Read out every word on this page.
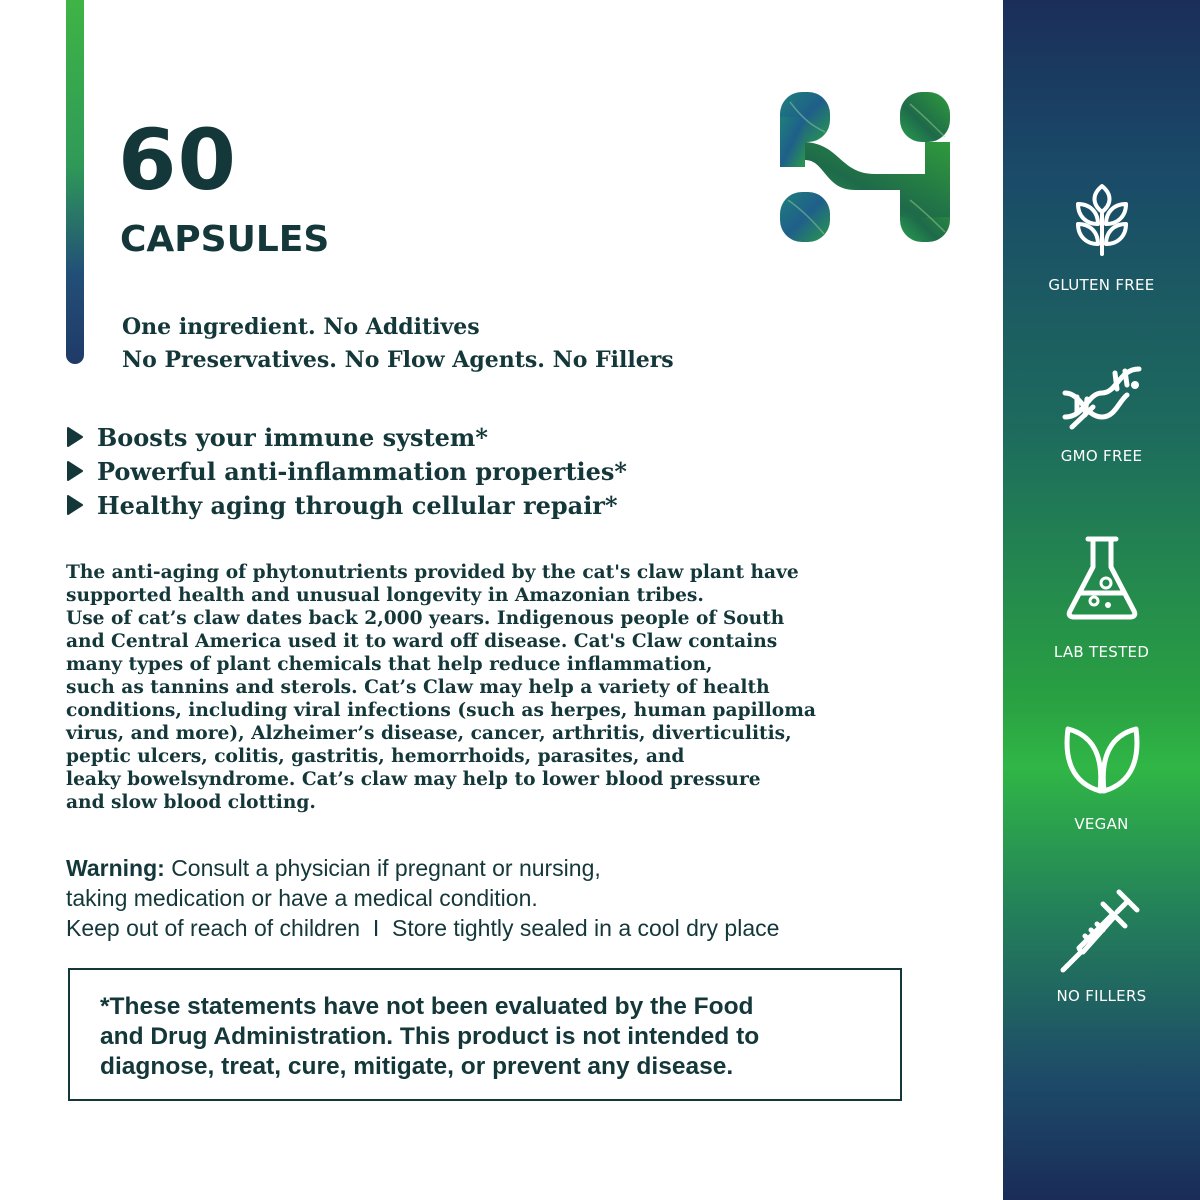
60
CAPSULES
One ingredient. No Additives
No Preservatives. No Flow Agents. No Fillers
Boosts your immune system*
Powerful anti-inflammation properties*
Healthy aging through cellular repair*
The anti-aging of phytonutrients provided by the cat's claw plant have
supported health and unusual longevity in Amazonian tribes.
Use of cat’s claw dates back 2,000 years. Indigenous people of South
and Central America used it to ward off disease. Cat's Claw contains
many types of plant chemicals that help reduce inflammation,
such as tannins and sterols. Cat’s Claw may help a variety of health
conditions, including viral infections (such as herpes, human papilloma
virus, and more), Alzheimer’s disease, cancer, arthritis, diverticulitis,
peptic ulcers, colitis, gastritis, hemorrhoids, parasites, and
leaky bowelsyndrome. Cat’s claw may help to lower blood pressure
and slow blood clotting.
Warning: Consult a physician if pregnant or nursing,
taking medication or have a medical condition.
Keep out of reach of children  I  Store tightly sealed in a cool dry place
*These statements have not been evaluated by the Food
and Drug Administration. This product is not intended to
diagnose, treat, cure, mitigate, or prevent any disease.
GLUTEN FREE
GMO FREE
LAB TESTED
VEGAN
NO FILLERS
